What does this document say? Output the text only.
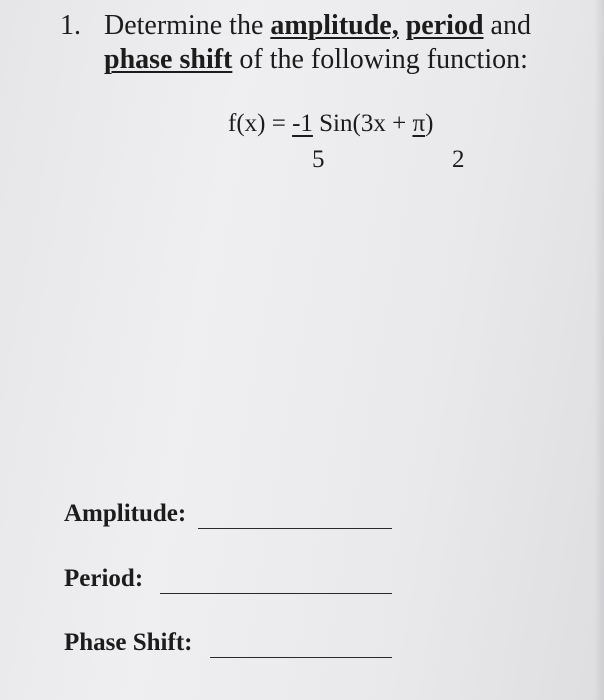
1. Determine the amplitude, period and
phase shift of the following function:
f(x) = -1 Sin(3x + π)
5	2
Amplitude:
Period:
Phase Shift:
